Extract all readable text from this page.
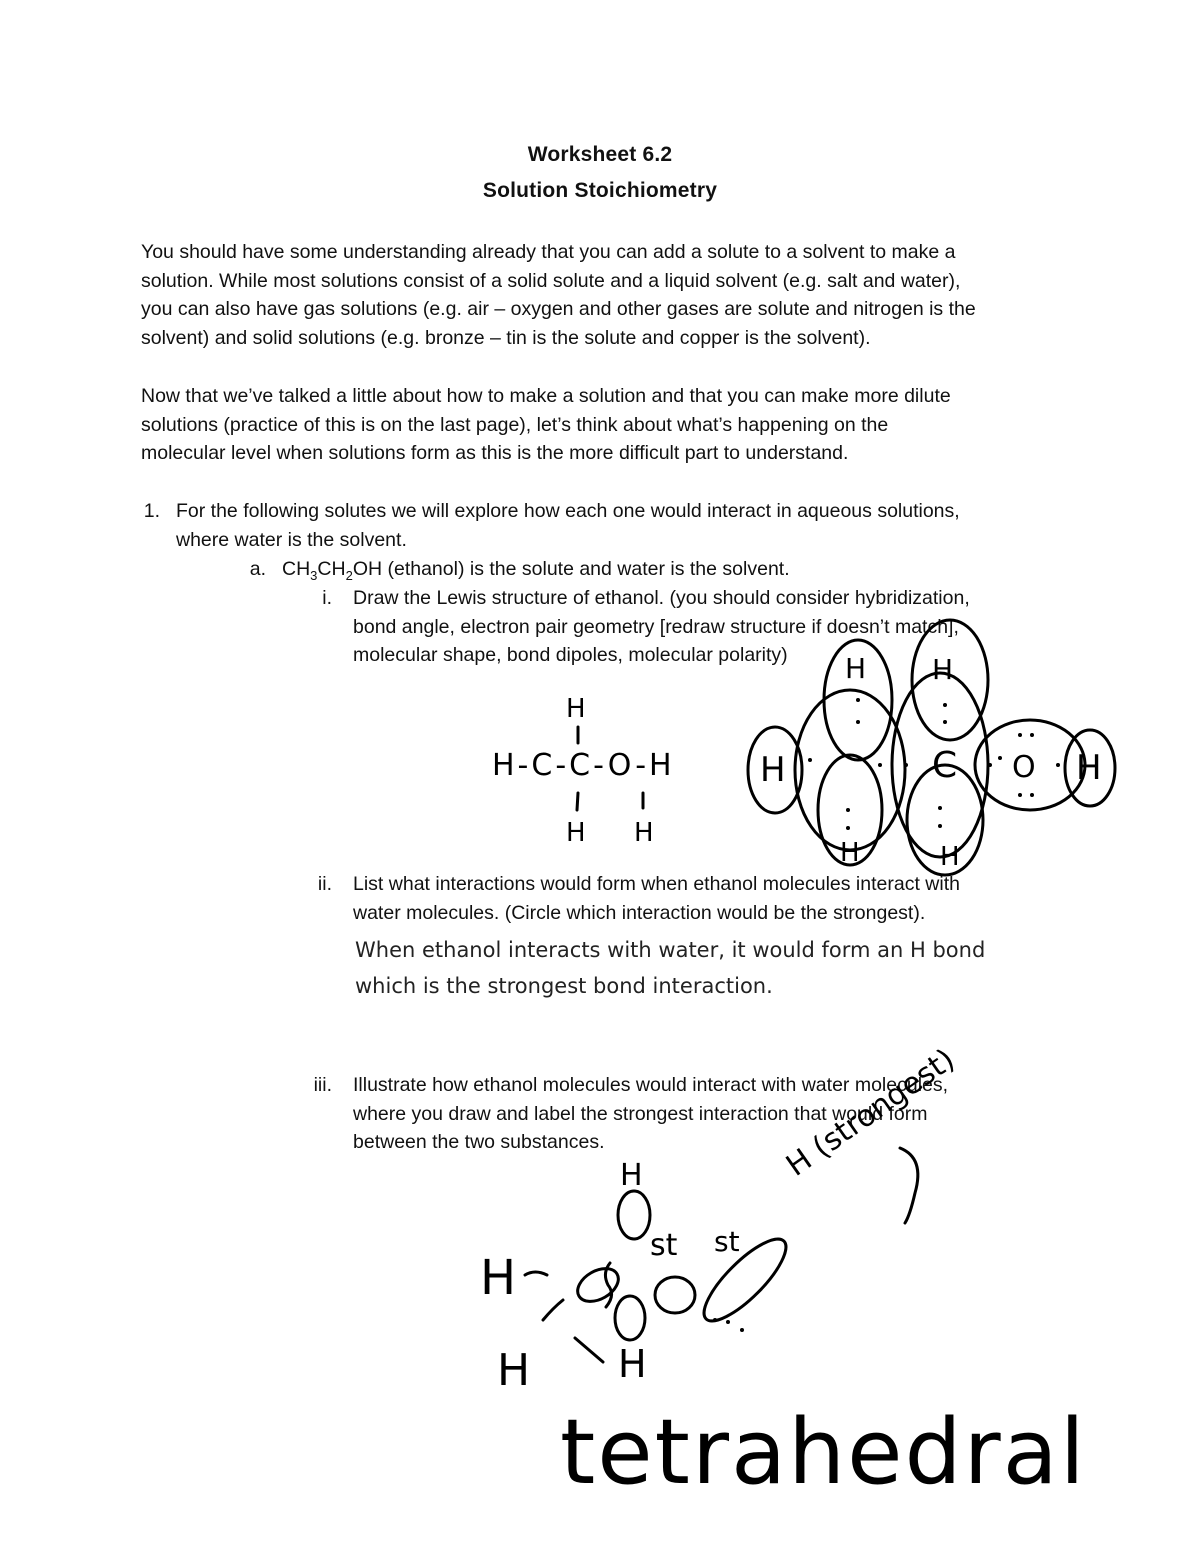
Worksheet 6.2
Solution Stoichiometry
You should have some understanding already that you can add a solute to a solvent to make a
solution. While most solutions consist of a solid solute and a liquid solvent (e.g. salt and water),
you can also have gas solutions (e.g. air – oxygen and other gases are solute and nitrogen is the
solvent) and solid solutions (e.g. bronze – tin is the solute and copper is the solvent).
Now that we’ve talked a little about how to make a solution and that you can make more dilute
solutions (practice of this is on the last page), let’s think about what’s happening on the
molecular level when solutions form as this is the more difficult part to understand.
1. For the following solutes we will explore how each one would interact in aqueous solutions,
where water is the solvent.
a. $CH_3CH_2OH$ (ethanol) is the solute and water is the solvent.
i. Draw the Lewis structure of ethanol. (you should consider hybridization,
bond angle, electron pair geometry [redraw structure if doesn’t match],
molecular shape, bond dipoles, molecular polarity)
ii. List what interactions would form when ethanol molecules interact with
water molecules. (Circle which interaction would be the strongest).
When ethanol interacts with water, it would form an H bond
which is the strongest bond interaction.
iii. Illustrate how ethanol molecules would interact with water molecules,
where you draw and label the strongest interaction that would form
between the two substances.
H
H-C-C-O-H
H H
H
H H
C O H
H	H
H
H
H H
st st
H (strongest)
tetrahedral
